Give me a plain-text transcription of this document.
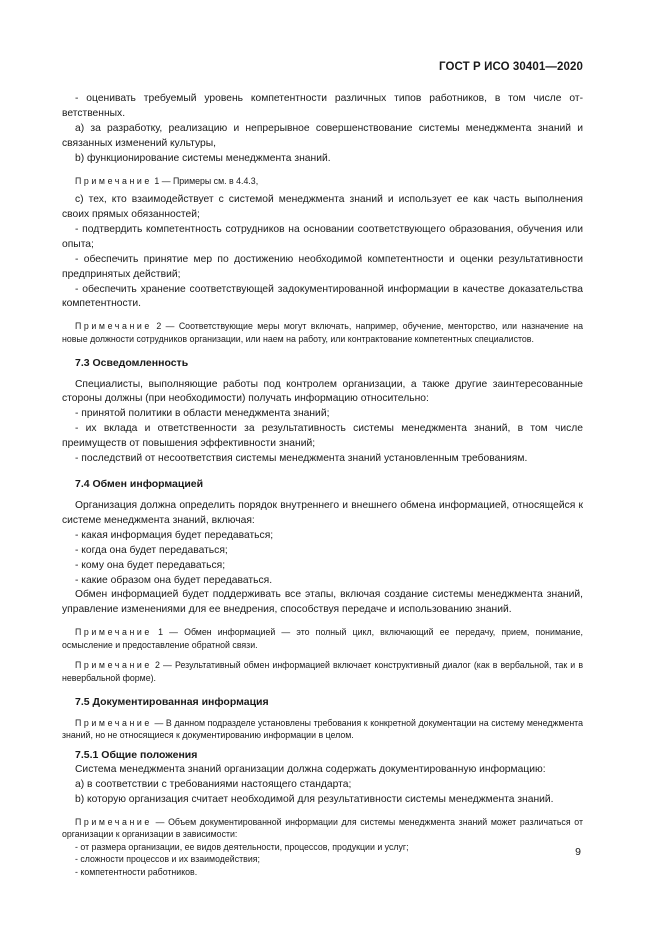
ГОСТ Р ИСО 30401—2020

- оценивать требуемый уровень компетентности различных типов работников, в том числе ответственных.

a) за разработку, реализацию и непрерывное совершенствование системы менеджмента знаний и связанных изменений культуры,

b) функционирование системы менеджмента знаний.

Примечание 1 — Примеры см. в 4.4.3,

c) тех, кто взаимодействует с системой менеджмента знаний и использует ее как часть выполнения своих прямых обязанностей;

- подтвердить компетентность сотрудников на основании соответствующего образования, обучения или опыта;

- обеспечить принятие мер по достижению необходимой компетентности и оценки результативности предпринятых действий;

- обеспечить хранение соответствующей задокументированной информации в качестве доказательства компетентности.

Примечание 2 — Соответствующие меры могут включать, например, обучение, менторство, или назначение на новые должности сотрудников организации, или наем на работу, или контрактование компетентных специалистов.

7.3 Осведомленность

Специалисты, выполняющие работы под контролем организации, а также другие заинтересованные стороны должны (при необходимости) получать информацию относительно:

- принятой политики в области менеджмента знаний;

- их вклада и ответственности за результативность системы менеджмента знаний, в том числе преимуществ от повышения эффективности знаний;

- последствий от несоответствия системы менеджмента знаний установленным требованиям.

7.4 Обмен информацией

Организация должна определить порядок внутреннего и внешнего обмена информацией, относящейся к системе менеджмента знаний, включая:

- какая информация будет передаваться;

- когда она будет передаваться;

- кому она будет передаваться;

- какие образом она будет передаваться.

Обмен информацией будет поддерживать все этапы, включая создание системы менеджмента знаний, управление изменениями для ее внедрения, способствуя передаче и использованию знаний.

Примечание 1 — Обмен информацией — это полный цикл, включающий ее передачу, прием, понимание, осмысление и предоставление обратной связи.

Примечание 2 — Результативный обмен информацией включает конструктивный диалог (как в вербальной, так и в невербальной форме).

7.5 Документированная информация

Примечание — В данном подразделе установлены требования к конкретной документации на систему менеджмента знаний, но не относящиеся к документированию информации в целом.

7.5.1 Общие положения

Система менеджмента знаний организации должна содержать документированную информацию:

a) в соответствии с требованиями настоящего стандарта;

b) которую организация считает необходимой для результативности системы менеджмента знаний.

Примечание — Объем документированной информации для системы менеджмента знаний может различаться от организации к организации в зависимости:

- от размера организации, ее видов деятельности, процессов, продукции и услуг;

- сложности процессов и их взаимодействия;

- компетентности работников.

9
